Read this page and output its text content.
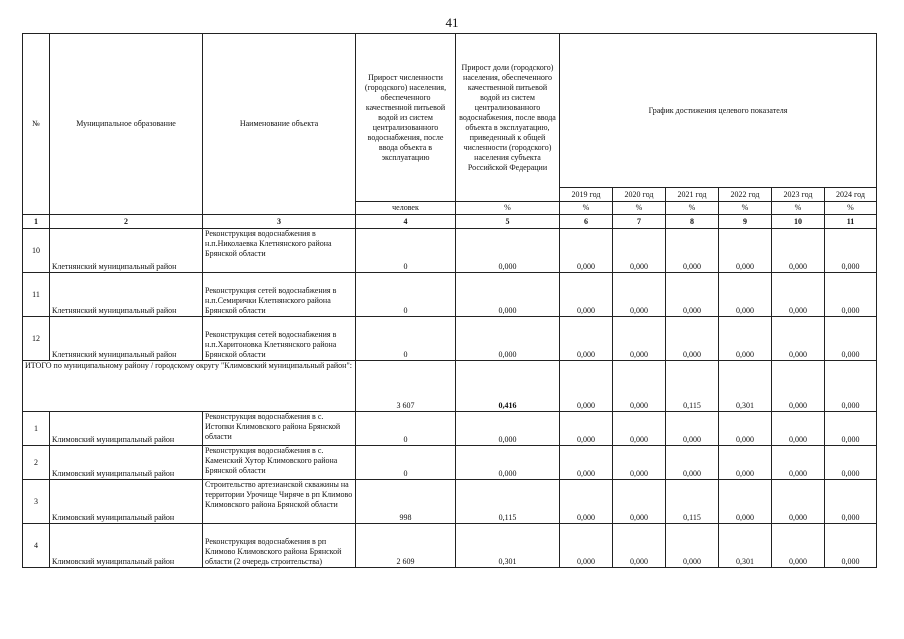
41
№	Муниципальное образование	Наименование объекта	Прирост численности (городского) населения, обеспеченного качественной питьевой водой из систем централизованного водоснабжения, после ввода объекта в эксплуатацию	Прирост доли (городского) населения, обеспеченного качественной питьевой водой из систем централизованного водоснабжения, после ввода объекта в эксплуатацию, приведенный к общей численности (городского) населения субъекта Российской Федерации	График достижения целевого показателя					
					2019 год	2020 год	2021 год	2022 год	2023 год	2024 год
			человек	%	%	%	%	%	%	%
1	2	3	4	5	6	7	8	9	10	11
10	Клетнянский муниципальный район	Реконструкция водоснабжения в н.п.Николаевка Клетнянского района Брянской области	0	0,000	0,000	0,000	0,000	0,000	0,000	0,000
11	Клетнянский муниципальный район	Реконструкция сетей водоснабжения в н.п.Семирички Клетнянского района Брянской области	0	0,000	0,000	0,000	0,000	0,000	0,000	0,000
12	Клетнянский муниципальный район	Реконструкция сетей водоснабжения в н.п.Харитоновка Клетнянского района Брянской области	0	0,000	0,000	0,000	0,000	0,000	0,000	0,000
ИТОГО по муниципальному району / городскому округу "Климовский муниципальный район":			3 607	0,416	0,000	0,000	0,115	0,301	0,000	0,000
1	Климовский муниципальный район	Реконструкция водоснабжения в с. Истопки Климовского района Брянской области	0	0,000	0,000	0,000	0,000	0,000	0,000	0,000
2	Климовский муниципальный район	Реконструкция водоснабжения в с. Каменский Хутор Климовского района Брянской области	0	0,000	0,000	0,000	0,000	0,000	0,000	0,000
3	Климовский муниципальный район	Строительство артезианской скважины на территории Урочище Чиряче в рп Климово Климовского района Брянской области	998	0,115	0,000	0,000	0,115	0,000	0,000	0,000
4	Климовский муниципальный район	Реконструкция водоснабжения в рп Климово Климовского района Брянской области (2 очередь строительства)	2 609	0,301	0,000	0,000	0,000	0,301	0,000	0,000
